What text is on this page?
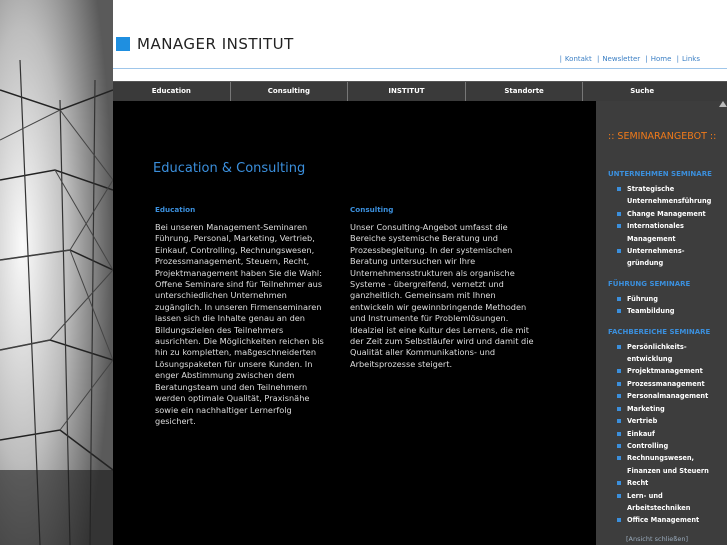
MANAGER INSTITUT
| Kontakt | Newsletter | Home | Links
Education	Consulting	INSTITUT	Standorte	Suche
Education & Consulting
Education

Bei unseren Management-Seminaren Führung, Personal, Marketing, Vertrieb, Einkauf, Controlling, Rechnungswesen, Prozessmanagement, Steuern, Recht, Projektmanagement haben Sie die Wahl: Offene Seminare sind für Teilnehmer aus unterschiedlichen Unternehmen zugänglich. In unseren Firmenseminaren lassen sich die Inhalte genau an den Bildungszielen des Teilnehmers ausrichten. Die Möglichkeiten reichen bis hin zu kompletten, maßgeschneiderten Lösungspaketen für unsere Kunden. In enger Abstimmung zwischen dem Beratungsteam und den Teilnehmern werden optimale Qualität, Praxisnähe sowie ein nachhaltiger Lernerfolg gesichert.

Consulting

Unser Consulting-Angebot umfasst die Bereiche systemische Beratung und Prozessbegleitung. In der systemischen Beratung untersuchen wir Ihre Unternehmensstrukturen als organische Systeme - übergreifend, vernetzt und ganzheitlich. Gemeinsam mit Ihnen entwickeln wir gewinnbringende Methoden und Instrumente für Problemlösungen. Idealziel ist eine Kultur des Lernens, die mit der Zeit zum Selbstläufer wird und damit die Qualität aller Kommunikations- und Arbeitsprozesse steigert.

:: SEMINARANGEBOT ::
UNTERNEHMEN SEMINARE
Strategische
Unternehmensführung
Change Management
Internationales
Management
Unternehmens-
gründung
FÜHRUNG SEMINARE
Führung
Teambildung
FACHBEREICHE SEMINARE
Persönlichkeits-
entwicklung
Projektmanagement
Prozessmanagement
Personalmanagement
Marketing
Vertrieb
Einkauf
Controlling
Rechnungswesen,
Finanzen und Steuern
Recht
Lern- und
Arbeitstechniken
Office Management
[Ansicht schließen]
